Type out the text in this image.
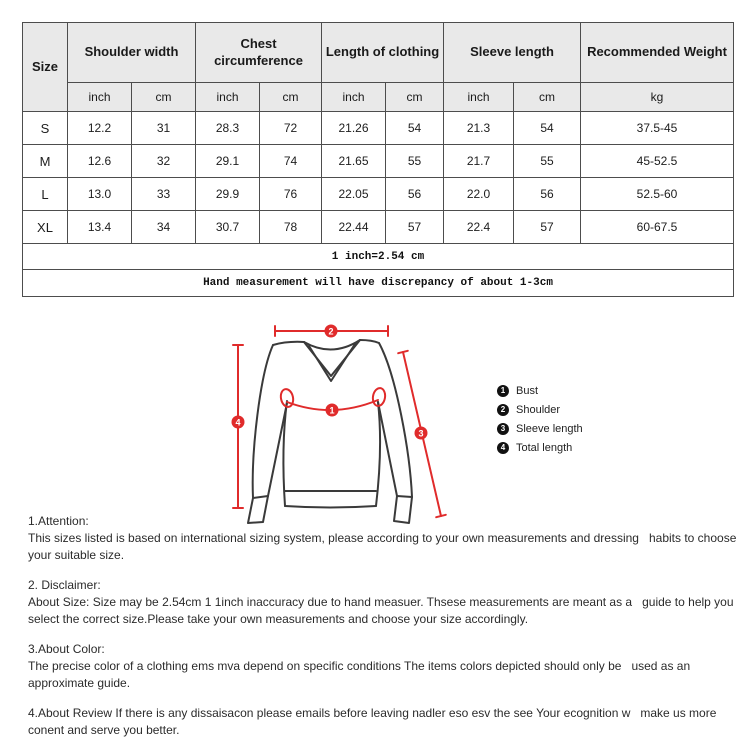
Size	Shoulder width		Chest circumference		Length of clothing		Sleeve length		Recommended Weight
	inch	cm	inch	cm	inch	cm	inch	cm	kg
S	12.2	31	28.3	72	21.26	54	21.3	54	37.5-45
M	12.6	32	29.1	74	21.65	55	21.7	55	45-52.5
L	13.0	33	29.9	76	22.05	56	22.0	56	52.5-60
XL	13.4	34	30.7	78	22.44	57	22.4	57	60-67.5
1 inch=2.54 cm									
Hand measurement will have discrepancy of about 1-3cm									
1
2
3
4
1 Bust
2 Shoulder
3 Sleeve length
4 Total length
1.Attention:
This sizes listed is based on international sizing system, please according to your own measurements and dressing   habits to choose
your suitable size.
2. Disclaimer:
About Size: Size may be 2.54cm 1 1inch inaccuracy due to hand measuer. Thsese measurements are meant as a   guide to help you
select the correct size.Please take your own measurements and choose your size accordingly.
3.About Color:
The precise color of a clothing ems mva depend on specific conditions The items colors depicted should only be   used as an
approximate guide.
4.About Review If there is any dissaisacon please emails before leaving nadler eso esv the see Your ecognition w   make us more
conent and serve you better.
